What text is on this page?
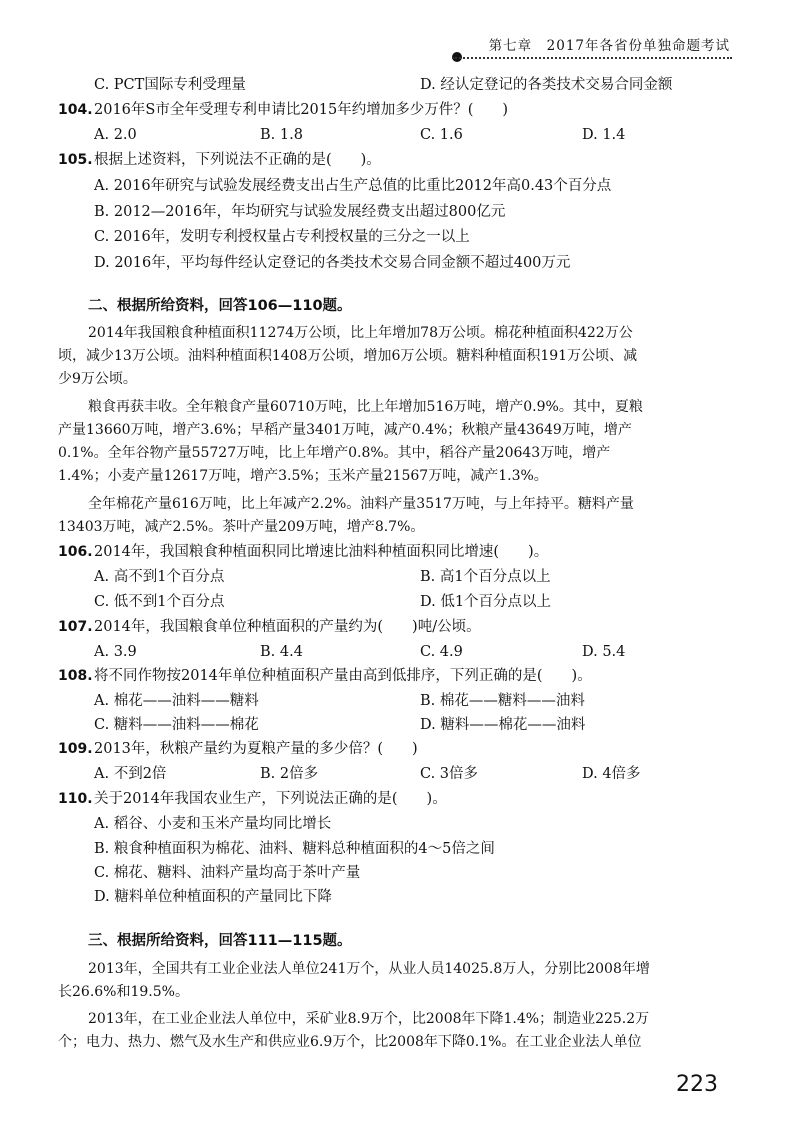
第七章　2017年各省份单独命题考试
C. PCT国际专利受理量	D. 经认定登记的各类技术交易合同金额
104. 2016年S市全年受理专利申请比2015年约增加多少万件？(　　)
A. 2.0	B. 1.8	C. 1.6	D. 1.4
105. 根据上述资料，下列说法不正确的是(　　)。
A. 2016年研究与试验发展经费支出占生产总值的比重比2012年高0.43个百分点
B. 2012—2016年，年均研究与试验发展经费支出超过800亿元
C. 2016年，发明专利授权量占专利授权量的三分之一以上
D. 2016年，平均每件经认定登记的各类技术交易合同金额不超过400万元
二、根据所给资料，回答106—110题。
2014年我国粮食种植面积11274万公顷，比上年增加78万公顷。棉花种植面积422万公
顷，减少13万公顷。油料种植面积1408万公顷，增加6万公顷。糖料种植面积191万公顷、减
少9万公顷。
粮食再获丰收。全年粮食产量60710万吨，比上年增加516万吨，增产0.9%。其中，夏粮
产量13660万吨，增产3.6%；早稻产量3401万吨，减产0.4%；秋粮产量43649万吨，增产
0.1%。全年谷物产量55727万吨，比上年增产0.8%。其中，稻谷产量20643万吨，增产
1.4%；小麦产量12617万吨，增产3.5%；玉米产量21567万吨，减产1.3%。
全年棉花产量616万吨，比上年减产2.2%。油料产量3517万吨，与上年持平。糖料产量
13403万吨，减产2.5%。茶叶产量209万吨，增产8.7%。
106. 2014年，我国粮食种植面积同比增速比油料种植面积同比增速(　　)。
A. 高不到1个百分点	B. 高1个百分点以上
C. 低不到1个百分点	D. 低1个百分点以上
107. 2014年，我国粮食单位种植面积的产量约为(　　)吨/公顷。
A. 3.9	B. 4.4	C. 4.9	D. 5.4
108. 将不同作物按2014年单位种植面积产量由高到低排序，下列正确的是(　　)。
A. 棉花——油料——糖料	B. 棉花——糖料——油料
C. 糖料——油料——棉花	D. 糖料——棉花——油料
109. 2013年，秋粮产量约为夏粮产量的多少倍？(　　)
A. 不到2倍	B. 2倍多	C. 3倍多	D. 4倍多
110. 关于2014年我国农业生产，下列说法正确的是(　　)。
A. 稻谷、小麦和玉米产量均同比增长
B. 粮食种植面积为棉花、油料、糖料总种植面积的4～5倍之间
C. 棉花、糖料、油料产量均高于茶叶产量
D. 糖料单位种植面积的产量同比下降
三、根据所给资料，回答111—115题。
2013年，全国共有工业企业法人单位241万个，从业人员14025.8万人，分别比2008年增
长26.6%和19.5%。
2013年，在工业企业法人单位中，采矿业8.9万个，比2008年下降1.4%；制造业225.2万
个；电力、热力、燃气及水生产和供应业6.9万个，比2008年下降0.1%。在工业企业法人单位
223
